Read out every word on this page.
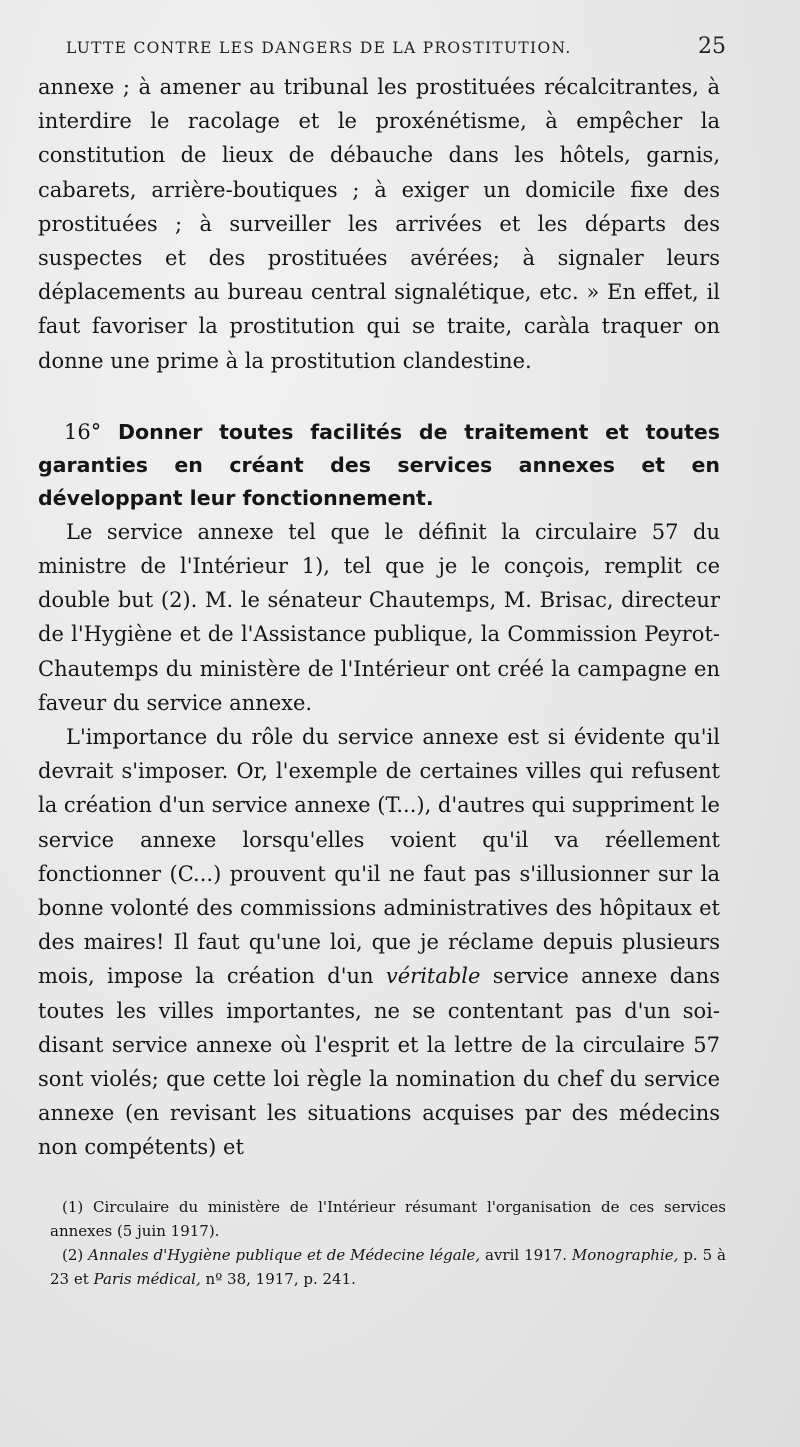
LUTTE CONTRE LES DANGERS DE LA PROSTITUTION.	25

annexe ; à amener au tribunal les prostituées récalcitrantes, à interdire le racolage et le proxénétisme, à empêcher la constitution de lieux de débauche dans les hôtels, garnis, cabarets, arrière-boutiques ; à exiger un domicile fixe des prostituées ; à surveiller les arrivées et les départs des suspectes et des prostituées avérées; à signaler leurs déplacements au bureau central signalétique, etc. » En effet, il faut favoriser la prostitution qui se traite, caràla traquer on donne une prime à la prostitution clandestine.

16° Donner toutes facilités de traitement et toutes garanties en créant des services annexes et en développant leur fonctionnement.

Le service annexe tel que le définit la circulaire 57 du ministre de l'Intérieur 1), tel que je le conçois, remplit ce double but (2). M. le sénateur Chautemps, M. Brisac, directeur de l'Hygiène et de l'Assistance publique, la Commission Peyrot-Chautemps du ministère de l'Intérieur ont créé la campagne en faveur du service annexe.

L'importance du rôle du service annexe est si évidente qu'il devrait s'imposer. Or, l'exemple de certaines villes qui refusent la création d'un service annexe (T...), d'autres qui suppriment le service annexe lorsqu'elles voient qu'il va réellement fonctionner (C...) prouvent qu'il ne faut pas s'illusionner sur la bonne volonté des commissions administratives des hôpitaux et des maires! Il faut qu'une loi, que je réclame depuis plusieurs mois, impose la création d'un véritable service annexe dans toutes les villes importantes, ne se contentant pas d'un soi-disant service annexe où l'esprit et la lettre de la circulaire 57 sont violés; que cette loi règle la nomination du chef du service annexe (en revisant les situations acquises par des médecins non compétents) et

(1) Circulaire du ministère de l'Intérieur résumant l'organisation de ces services annexes (5 juin 1917).

(2) Annales d'Hygiène publique et de Médecine légale, avril 1917. Monographie, p. 5 à 23 et Paris médical, nº 38, 1917, p. 241.
